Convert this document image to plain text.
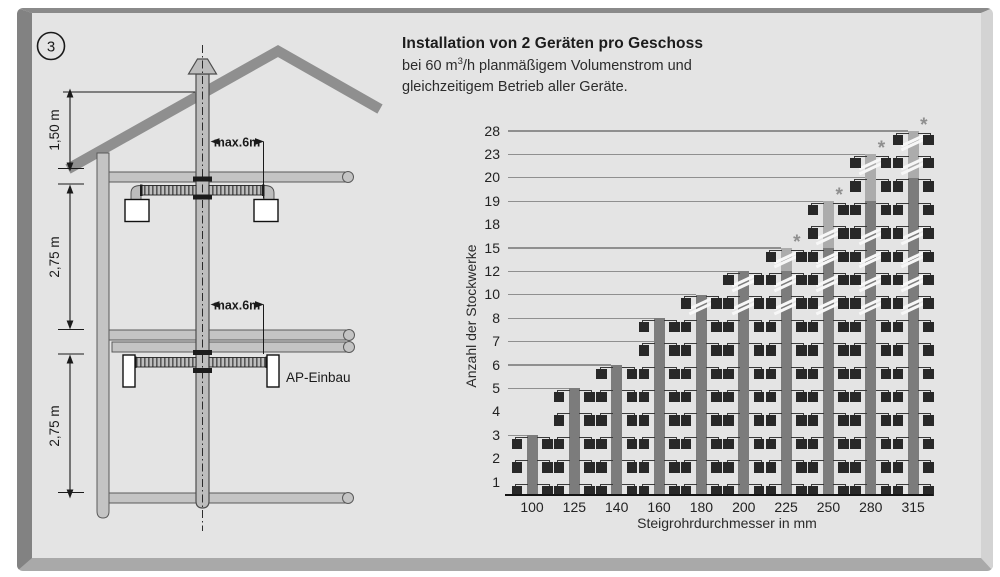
3
AP-Einbau
1,50 m
2,75 m
2,75 m
max.6m
max.6m
Installation von 2 Geräten pro Geschoss
bei 60 $m^3/h$ planmäßigem Volumenstrom und
gleichzeitigem Betrieb aller Geräte.
1
2
3
4
5
6
7
8
10
12
15
18
19
20
23
28
100	125	140	160	180	200
*
225
*
250
*
280
*
315
Anzahl der Stockwerke
Steigrohrdurchmesser in mm
